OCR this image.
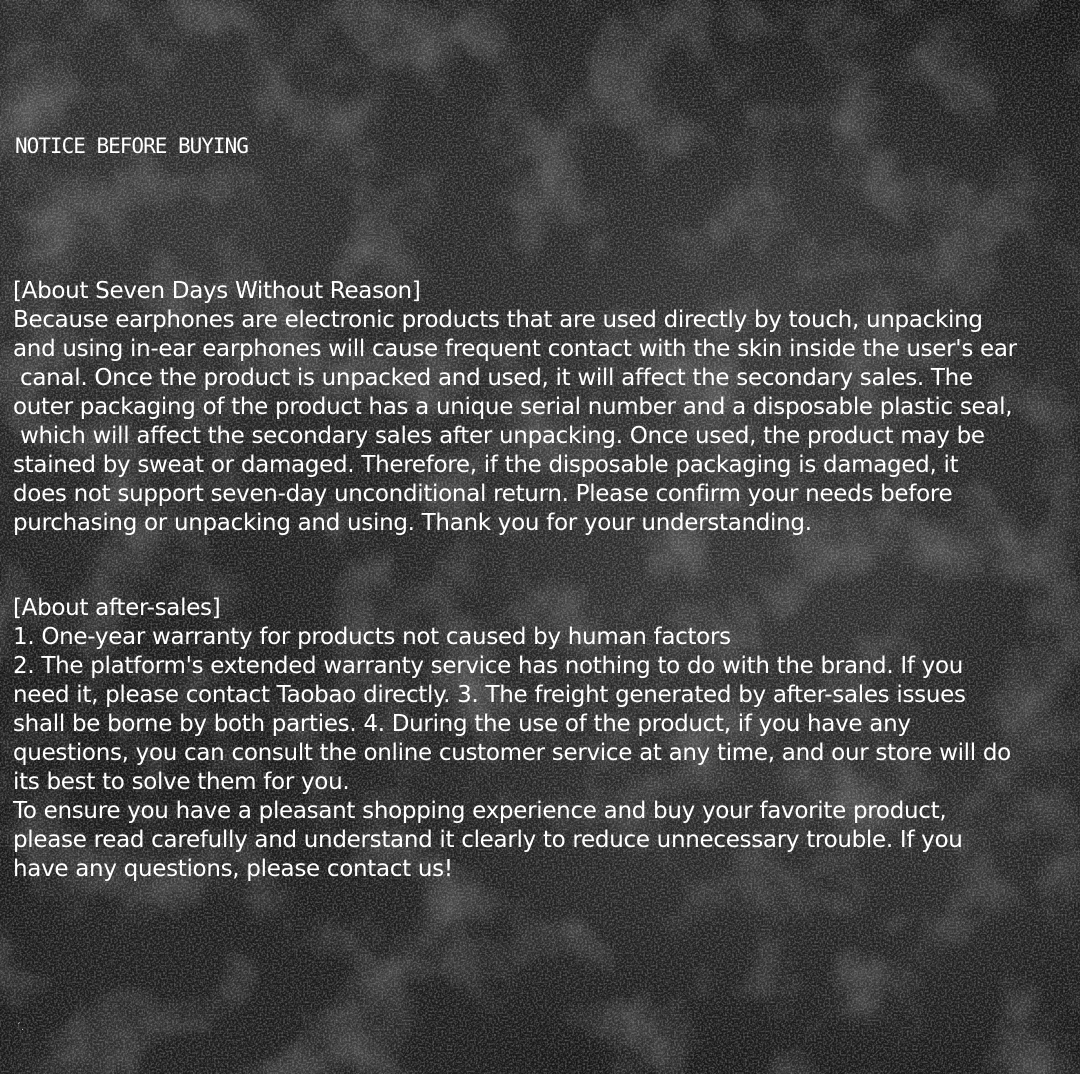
NOTICE BEFORE BUYING

[About Seven Days Without Reason]

Because earphones are electronic products that are used directly by touch, unpacking

and using in-ear earphones will cause frequent contact with the skin inside the user's ear

canal. Once the product is unpacked and used, it will affect the secondary sales. The

outer packaging of the product has a unique serial number and a disposable plastic seal,

which will affect the secondary sales after unpacking. Once used, the product may be

stained by sweat or damaged. Therefore, if the disposable packaging is damaged, it

does not support seven-day unconditional return. Please confirm your needs before

purchasing or unpacking and using. Thank you for your understanding.

[About after-sales]

1. One-year warranty for products not caused by human factors

2. The platform's extended warranty service has nothing to do with the brand. If you

need it, please contact Taobao directly. 3. The freight generated by after-sales issues

shall be borne by both parties. 4. During the use of the product, if you have any

questions, you can consult the online customer service at any time, and our store will do

its best to solve them for you.

To ensure you have a pleasant shopping experience and buy your favorite product,

please read carefully and understand it clearly to reduce unnecessary trouble. If you

have any questions, please contact us!

´.
